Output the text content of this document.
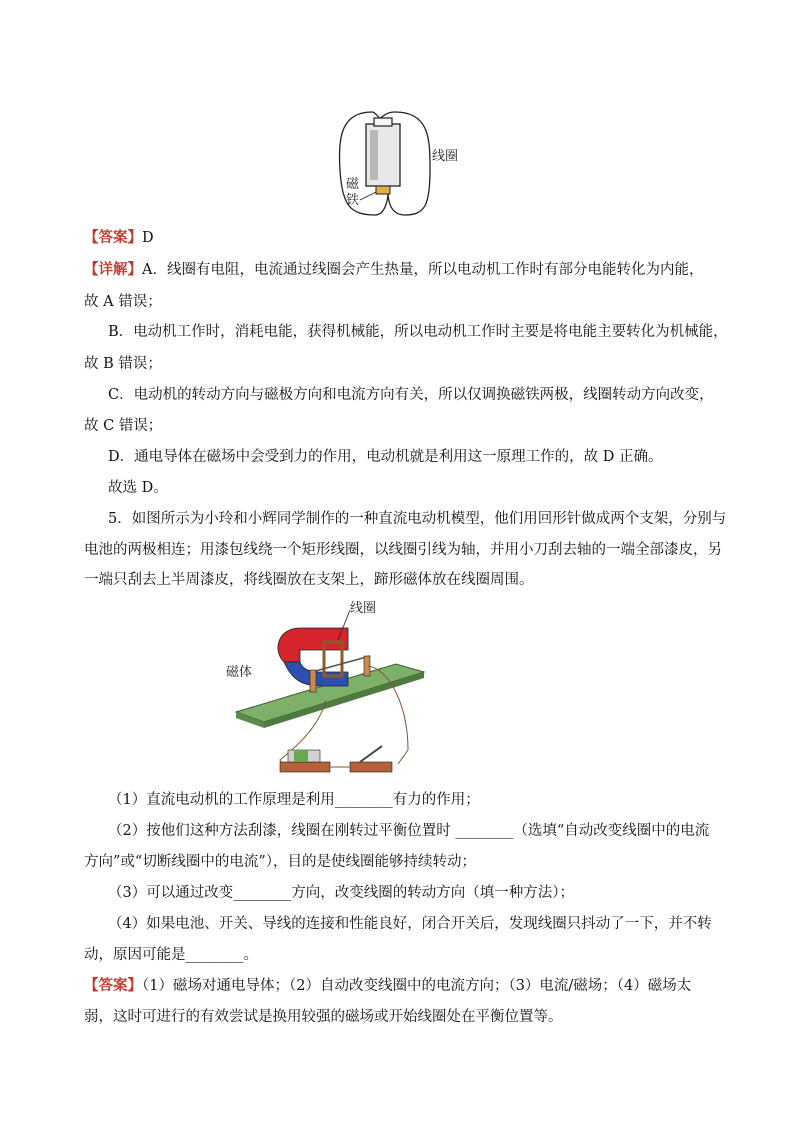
线圈
磁
铁
【答案】D
【详解】A．线圈有电阻，电流通过线圈会产生热量，所以电动机工作时有部分电能转化为内能，
故 A 错误；
B．电动机工作时，消耗电能，获得机械能，所以电动机工作时主要是将电能主要转化为机械能，
故 B 错误；
C．电动机的转动方向与磁极方向和电流方向有关，所以仅调换磁铁两极，线圈转动方向改变，
故 C 错误；
D．通电导体在磁场中会受到力的作用，电动机就是利用这一原理工作的，故 D 正确。
故选 D。
5．如图所示为小玲和小辉同学制作的一种直流电动机模型，他们用回形针做成两个支架，分别与
电池的两极相连；用漆包线绕一个矩形线圈，以线圈引线为轴，并用小刀刮去轴的一端全部漆皮，另
一端只刮去上半周漆皮，将线圈放在支架上，蹄形磁体放在线圈周围。
线圈
磁体
（1）直流电动机的工作原理是利用________有力的作用；
（2）按他们这种方法刮漆，线圈在刚转过平衡位置时 ________（选填“自动改变线圈中的电流
方向”或“切断线圈中的电流”），目的是使线圈能够持续转动；
（3）可以通过改变________方向，改变线圈的转动方向（填一种方法）；
（4）如果电池、开关、导线的连接和性能良好，闭合开关后，发现线圈只抖动了一下，并不转
动，原因可能是________。
【答案】（1）磁场对通电导体；（2）自动改变线圈中的电流方向；（3）电流/磁场；（4）磁场太
弱，这时可进行的有效尝试是换用较强的磁场或开始线圈处在平衡位置等。
